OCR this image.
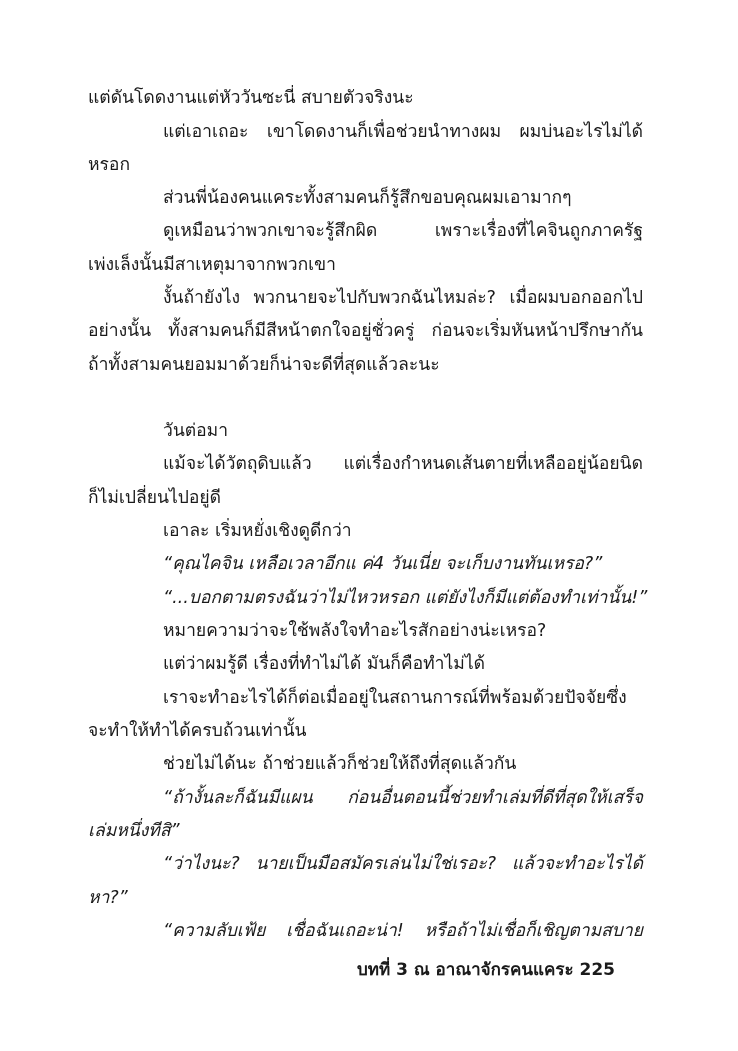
แต่ดันโดดงานแต่หัววันซะนี่ สบายตัวจริงนะ
แต่เอาเถอะ เขาโดดงานก็เพื่อช่วยนำทางผม ผมบ่นอะไรไม่ได้
หรอก
ส่วนพี่น้องคนแคระทั้งสามคนก็รู้สึกขอบคุณผมเอามากๆ
ดูเหมือนว่าพวกเขาจะรู้สึกผิด เพราะเรื่องที่ไคจินถูกภาครัฐ
เพ่งเล็งนั้นมีสาเหตุมาจากพวกเขา
งั้นถ้ายังไง พวกนายจะไปกับพวกฉันไหมล่ะ? เมื่อผมบอกออกไป
อย่างนั้น ทั้งสามคนก็มีสีหน้าตกใจอยู่ชั่วครู่ ก่อนจะเริ่มหันหน้าปรึกษากัน
ถ้าทั้งสามคนยอมมาด้วยก็น่าจะดีที่สุดแล้วละนะ
วันต่อมา
แม้จะได้วัตถุดิบแล้ว แต่เรื่องกำหนดเส้นตายที่เหลืออยู่น้อยนิด
ก็ไม่เปลี่ยนไปอยู่ดี
เอาละ เริ่มหยั่งเชิงดูดีกว่า
“คุณไคจิน เหลือเวลาอีกแ ค่4 วันเนี่ย จะเก็บงานทันเหรอ?”
“...บอกตามตรงฉันว่าไม่ไหวหรอก แต่ยังไงก็มีแต่ต้องทำเท่านั้น!”
หมายความว่าจะใช้พลังใจทำอะไรสักอย่างน่ะเหรอ?
แต่ว่าผมรู้ดี เรื่องที่ทำไม่ได้ มันก็คือทำไม่ได้
เราจะทำอะไรได้ก็ต่อเมื่ออยู่ในสถานการณ์ที่พร้อมด้วยปัจจัยซึ่ง
จะทำให้ทำได้ครบถ้วนเท่านั้น
ช่วยไม่ได้นะ ถ้าช่วยแล้วก็ช่วยให้ถึงที่สุดแล้วกัน
“ถ้างั้นละก็ฉันมีแผน ก่อนอื่นตอนนี้ช่วยทำเล่มที่ดีที่สุดให้เสร็จ
เล่มหนึ่งทีสิ”
“ว่าไงนะ? นายเป็นมือสมัครเล่นไม่ใช่เรอะ? แล้วจะทำอะไรได้
หา?”
“ความลับเฟ้ย เชื่อฉันเถอะน่า! หรือถ้าไม่เชื่อก็เชิญตามสบาย
บทที่ 3 ณ อาณาจักรคนแคระ 225
